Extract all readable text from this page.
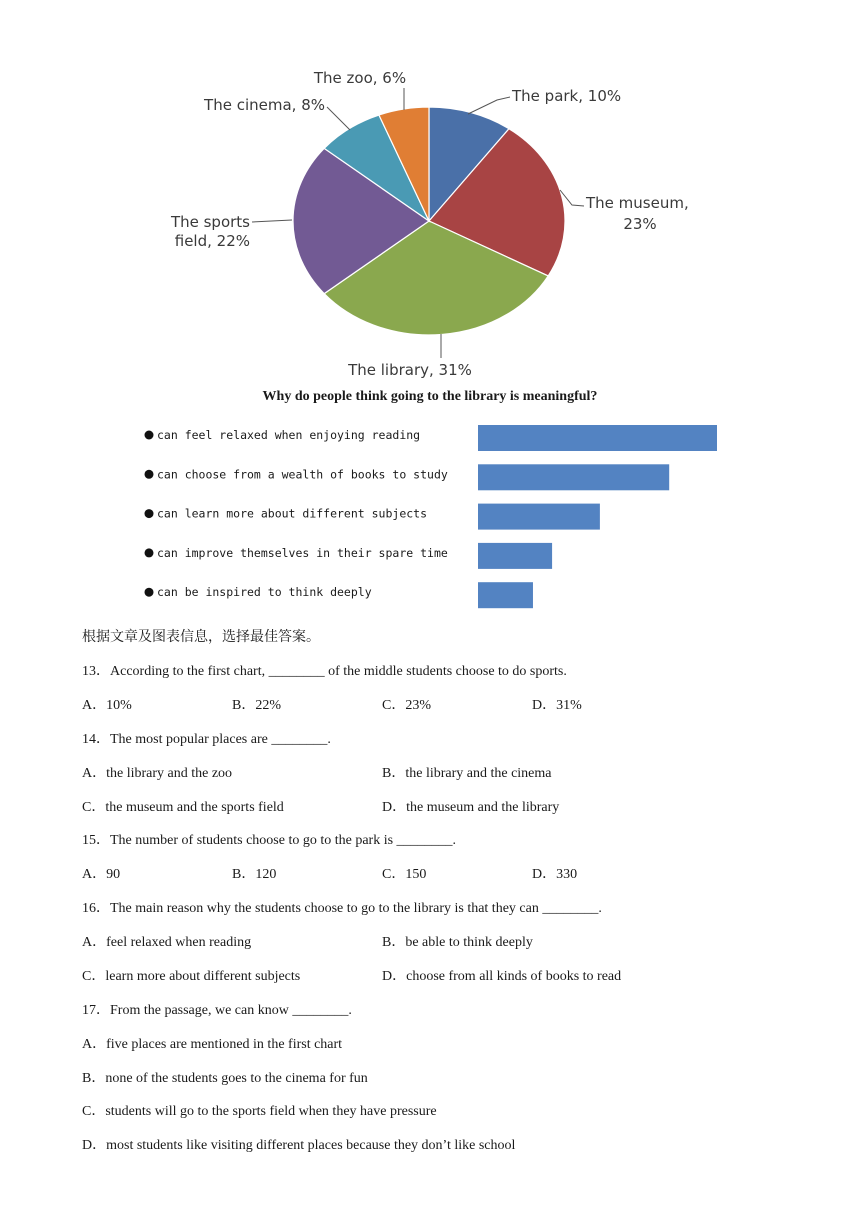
The park, 10%
The museum,
23%
The library, 31%
The sports
field, 22%
The cinema, 8%
The zoo, 6%
Why do people think going to the library is meaningful?
can feel relaxed when enjoying reading
can choose from a wealth of books to study
can learn more about different subjects
can improve themselves in their spare time
can be inspired to think deeply
根据文章及图表信息，选择最佳答案。
13．According to the first chart, ________ of the middle students choose to do sports.
A．10%	B．22%	C．23%	D．31%
14．The most popular places are ________.
A．the library and the zoo	B．the library and the cinema
C．the museum and the sports field	D．the museum and the library
15．The number of students choose to go to the park is ________.
A．90	B．120	C．150	D．330
16．The main reason why the students choose to go to the library is that they can ________.
A．feel relaxed when reading	B．be able to think deeply
C．learn more about different subjects	D．choose from all kinds of books to read
17．From the passage, we can know ________.
A．five places are mentioned in the first chart
B．none of the students goes to the cinema for fun
C．students will go to the sports field when they have pressure
D．most students like visiting different places because they don’t like school
